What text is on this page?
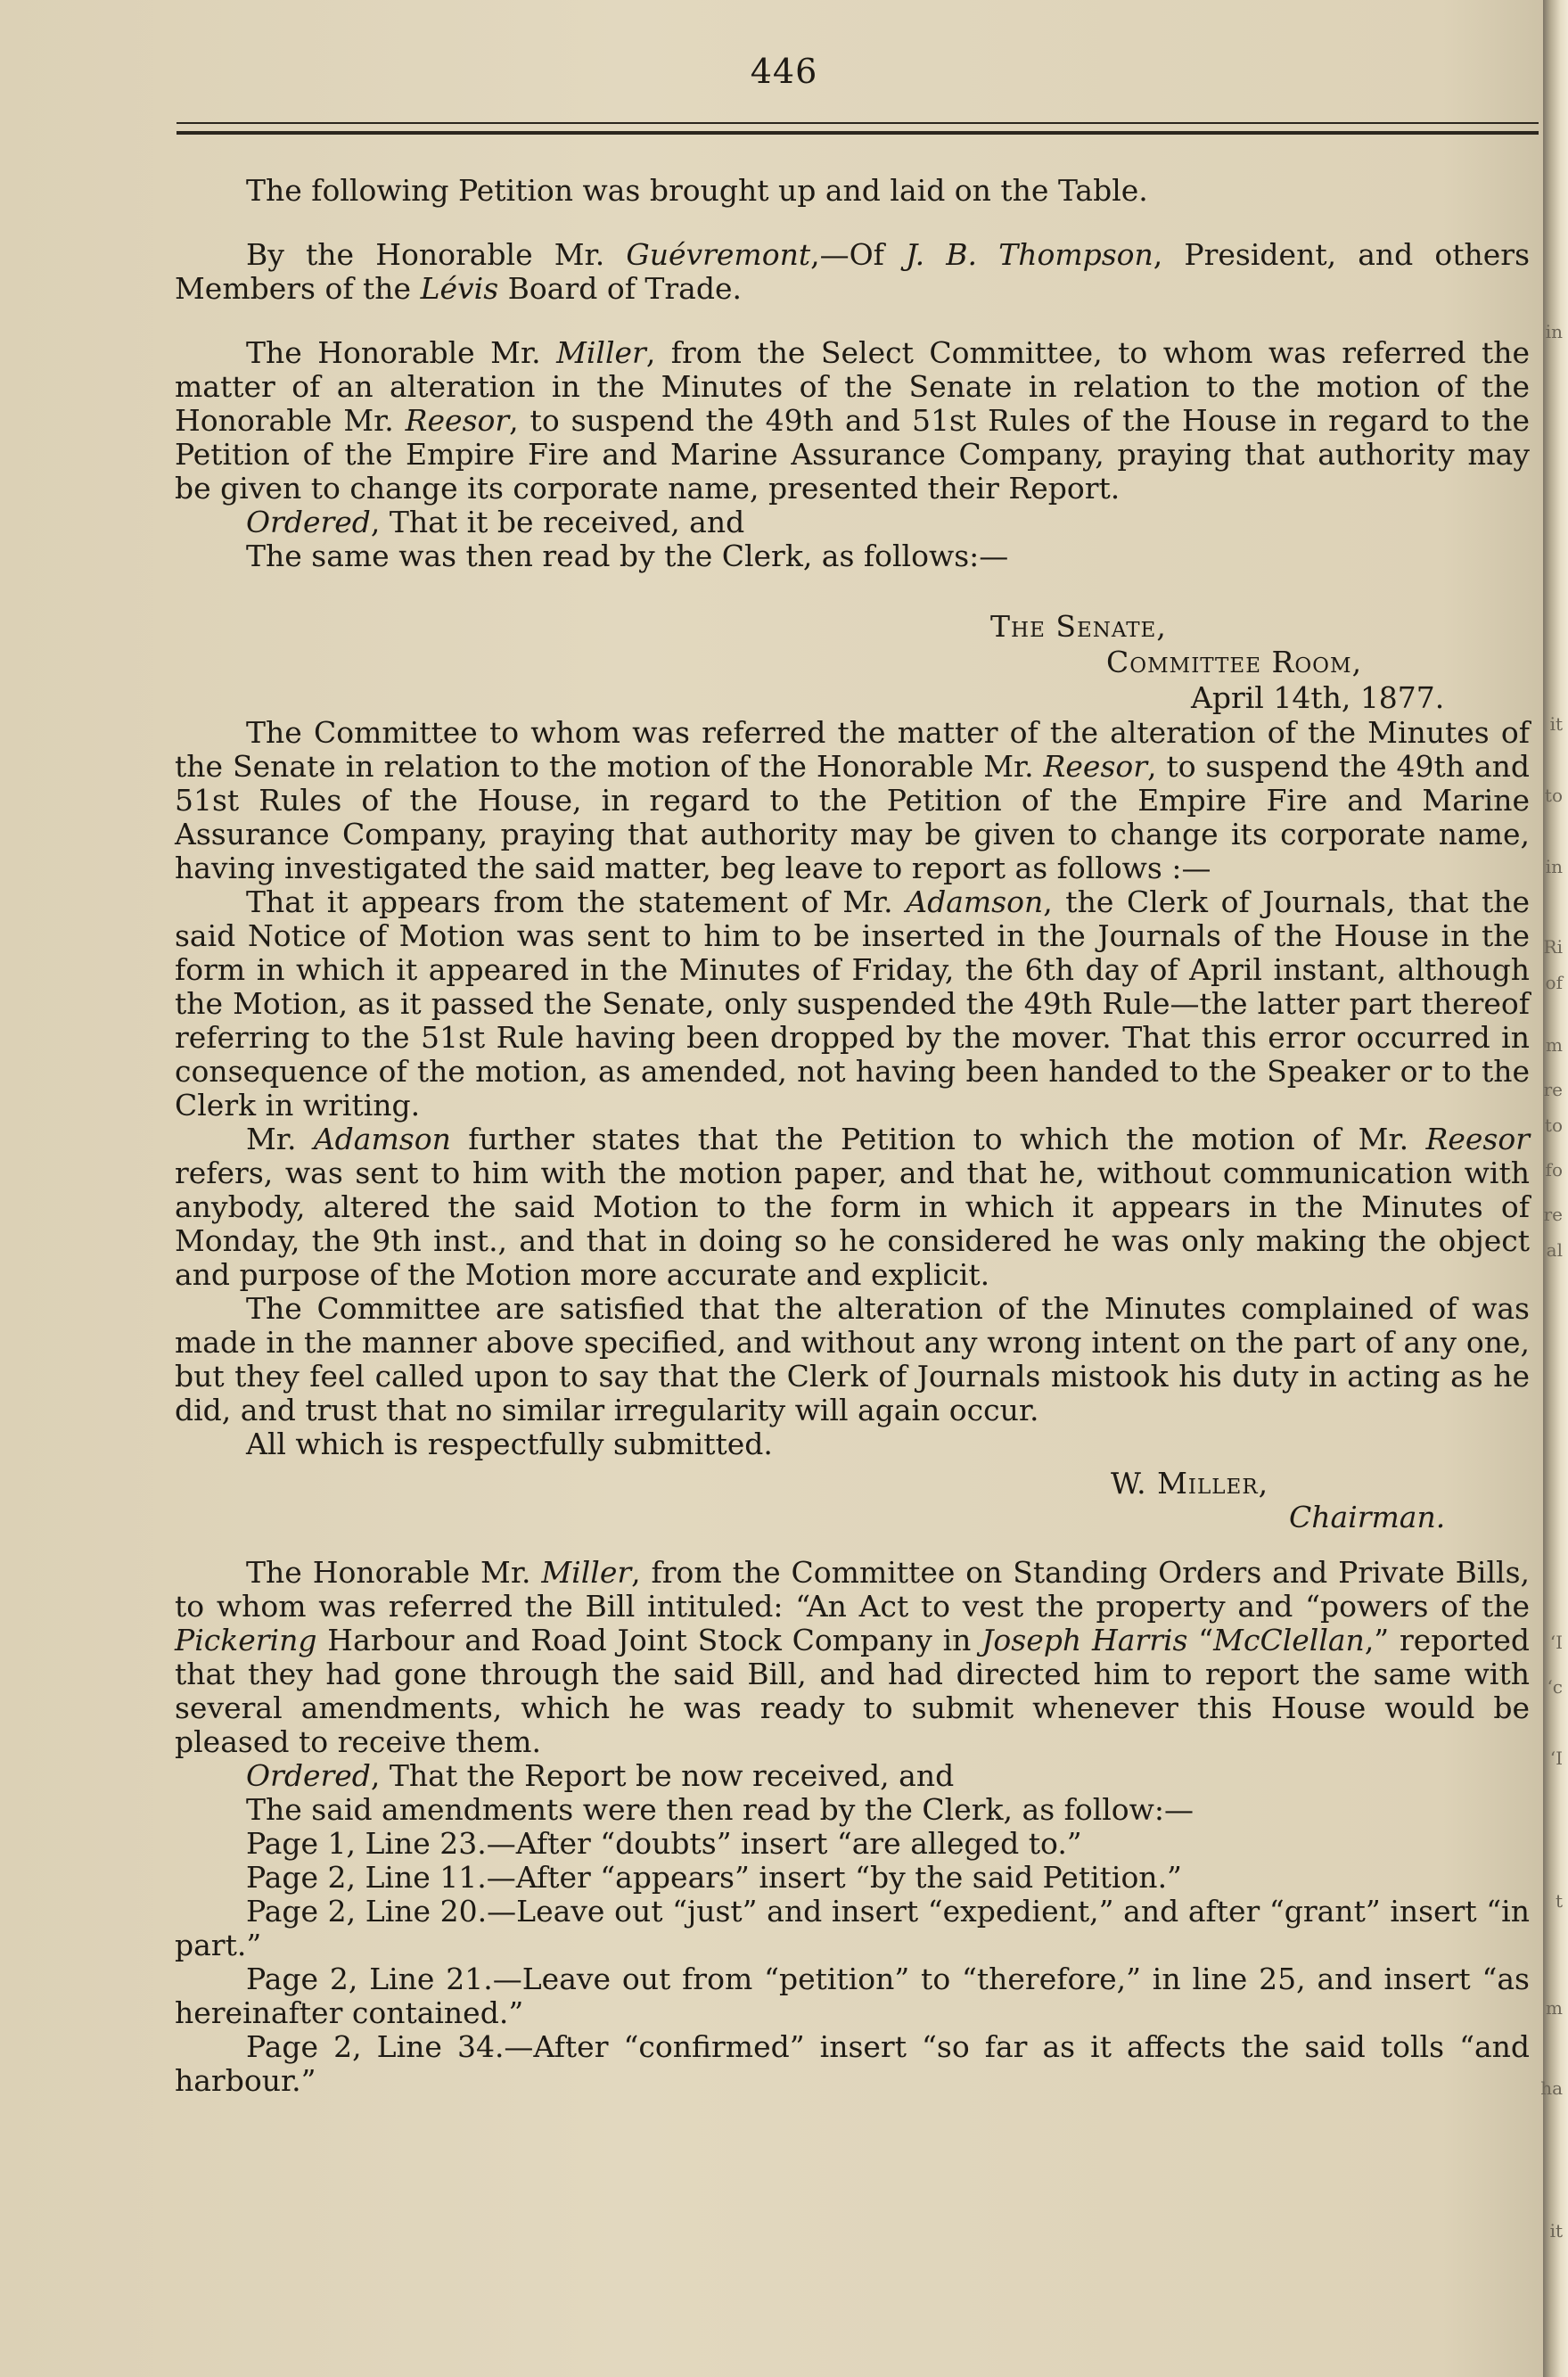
in
it
to
in
Ri
of
m
re
to
fo
re
al
‘I
‘c
‘I
t
m
ha
it
446

The following Petition was brought up and laid on the Table.

By the Honorable Mr. Guévremont,—Of J. B. Thompson, President, and others Members of the Lévis Board of Trade.

The Honorable Mr. Miller, from the Select Committee, to whom was referred the matter of an alteration in the Minutes of the Senate in relation to the motion of the Honorable Mr. Reesor, to suspend the 49th and 51st Rules of the House in regard to the Petition of the Empire Fire and Marine Assurance Company, praying that authority may be given to change its corporate name, presented their Report.

Ordered, That it be received, and

The same was then read by the Clerk, as follows:—

The Senate,
Committee Room,
April 14th, 1877.

The Committee to whom was referred the matter of the alteration of the Minutes of the Senate in relation to the motion of the Honorable Mr. Reesor, to suspend the 49th and 51st Rules of the House, in regard to the Petition of the Empire Fire and Marine Assurance Company, praying that authority may be given to change its corporate name, having investigated the said matter, beg leave to report as follows :—

That it appears from the statement of Mr. Adamson, the Clerk of Journals, that the said Notice of Motion was sent to him to be inserted in the Journals of the House in the form in which it appeared in the Minutes of Friday, the 6th day of April instant, although the Motion, as it passed the Senate, only suspended the 49th Rule—the latter part thereof referring to the 51st Rule having been dropped by the mover. That this error occurred in consequence of the motion, as amended, not having been handed to the Speaker or to the Clerk in writing.

Mr. Adamson further states that the Petition to which the motion of Mr. Reesor refers, was sent to him with the motion paper, and that he, without communication with anybody, altered the said Motion to the form in which it appears in the Minutes of Monday, the 9th inst., and that in doing so he considered he was only making the object and purpose of the Motion more accurate and explicit.

The Committee are satisfied that the alteration of the Minutes complained of was made in the manner above specified, and without any wrong intent on the part of any one, but they feel called upon to say that the Clerk of Journals mistook his duty in acting as he did, and trust that no similar irregularity will again occur.

All which is respectfully submitted.

W. Miller,
Chairman.

The Honorable Mr. Miller, from the Committee on Standing Orders and Private Bills, to whom was referred the Bill intituled: “An Act to vest the property and “powers of the Pickering Harbour and Road Joint Stock Company in Joseph Harris “McClellan,” reported that they had gone through the said Bill, and had directed him to report the same with several amendments, which he was ready to submit whenever this House would be pleased to receive them.

Ordered, That the Report be now received, and

The said amendments were then read by the Clerk, as follow:—

Page 1, Line 23.—After “doubts” insert “are alleged to.”

Page 2, Line 11.—After “appears” insert “by the said Petition.”

Page 2, Line 20.—Leave out “just” and insert “expedient,” and after “grant” insert “in part.”

Page 2, Line 21.—Leave out from “petition” to “therefore,” in line 25, and insert “as hereinafter contained.”

Page 2, Line 34.—After “confirmed” insert “so far as it affects the said tolls “and harbour.”
